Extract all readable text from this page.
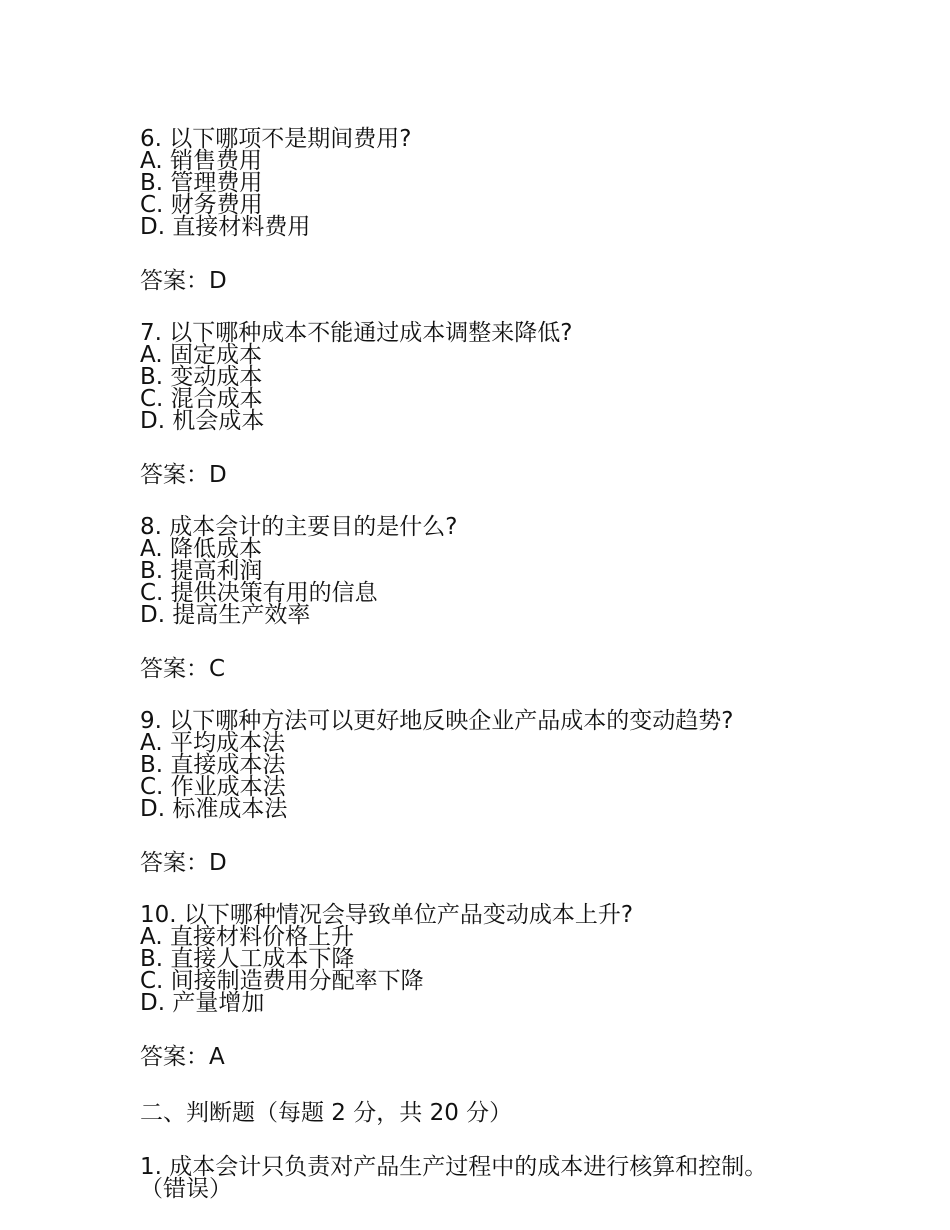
6. 以下哪项不是期间费用?
A. 销售费用
B. 管理费用
C. 财务费用
D. 直接材料费用
答案：D
7. 以下哪种成本不能通过成本调整来降低?
A. 固定成本
B. 变动成本
C. 混合成本
D. 机会成本
答案：D
8. 成本会计的主要目的是什么?
A. 降低成本
B. 提高利润
C. 提供决策有用的信息
D. 提高生产效率
答案：C
9. 以下哪种方法可以更好地反映企业产品成本的变动趋势?
A. 平均成本法
B. 直接成本法
C. 作业成本法
D. 标准成本法
答案：D
10. 以下哪种情况会导致单位产品变动成本上升?
A. 直接材料价格上升
B. 直接人工成本下降
C. 间接制造费用分配率下降
D. 产量增加
答案：A
二、判断题（每题 2 分，共 20 分）
1. 成本会计只负责对产品生产过程中的成本进行核算和控制。（错误）
